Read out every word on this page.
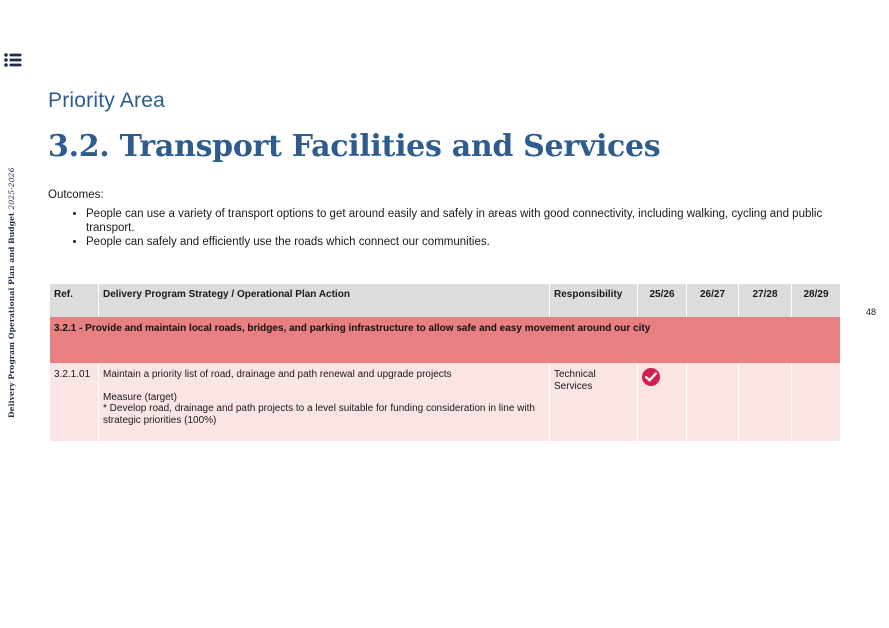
Delivery Program Operational Plan and Budget 2025-2026
Priority Area
3.2. Transport Facilities and Services
Outcomes:
• People can use a variety of transport options to get around easily and safely in areas with good connectivity, including walking, cycling and public transport.
• People can safely and efficiently use the roads which connect our communities.
48
Ref.	Delivery Program Strategy / Operational Plan Action	Responsibility	25/26	26/27	27/28	28/29
3.2.1 - Provide and maintain local roads, bridges, and parking infrastructure to allow safe and easy movement around our city						
3.2.1.01	Maintain a priority list of road, drainage and path renewal and upgrade projects
Measure (target)
* Develop road, drainage and path projects to a level suitable for funding consideration in line with strategic priorities (100%)	Technical Services	
